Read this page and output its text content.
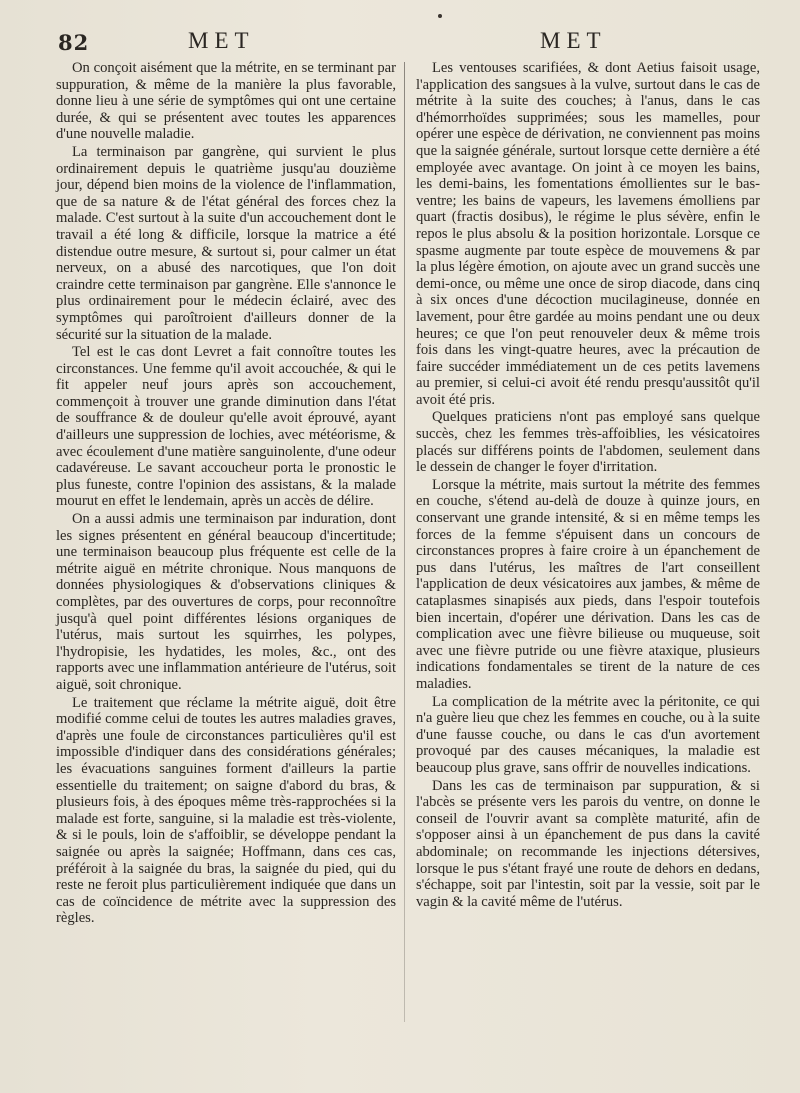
82	MET	MET

On conçoit aisément que la métrite, en se terminant par suppuration, & même de la manière la plus favorable, donne lieu à une série de symptômes qui ont une certaine durée, & qui se présentent avec toutes les apparences d'une nouvelle maladie.

La terminaison par gangrène, qui survient le plus ordinairement depuis le quatrième jusqu'au douzième jour, dépend bien moins de la violence de l'inflammation, que de sa nature & de l'état général des forces chez la malade. C'est surtout à la suite d'un accouchement dont le travail a été long & difficile, lorsque la matrice a été distendue outre mesure, & surtout si, pour calmer un état nerveux, on a abusé des narcotiques, que l'on doit craindre cette terminaison par gangrène. Elle s'annonce le plus ordinairement pour le médecin éclairé, avec des symptômes qui paroîtroient d'ailleurs donner de la sécurité sur la situation de la malade.

Tel est le cas dont Levret a fait connoître toutes les circonstances. Une femme qu'il avoit accouchée, & qui le fit appeler neuf jours après son accouchement, commençoit à trouver une grande diminution dans l'état de souffrance & de douleur qu'elle avoit éprouvé, ayant d'ailleurs une suppression de lochies, avec météorisme, & avec écoulement d'une matière sanguinolente, d'une odeur cadavéreuse. Le savant accoucheur porta le pronostic le plus funeste, contre l'opinion des assistans, & la malade mourut en effet le lendemain, après un accès de délire.

On a aussi admis une terminaison par induration, dont les signes présentent en général beaucoup d'incertitude; une terminaison beaucoup plus fréquente est celle de la métrite aiguë en métrite chronique. Nous manquons de données physiologiques & d'observations cliniques & complètes, par des ouvertures de corps, pour reconnoître jusqu'à quel point différentes lésions organiques de l'utérus, mais surtout les squirrhes, les polypes, l'hydropisie, les hydatides, les moles, &c., ont des rapports avec une inflammation antérieure de l'utérus, soit aiguë, soit chronique.

Le traitement que réclame la métrite aiguë, doit être modifié comme celui de toutes les autres maladies graves, d'après une foule de circonstances particulières qu'il est impossible d'indiquer dans des considérations générales; les évacuations sanguines forment d'ailleurs la partie essentielle du traitement; on saigne d'abord du bras, & plusieurs fois, à des époques même très-rapprochées si la malade est forte, sanguine, si la maladie est très-violente, & si le pouls, loin de s'affoiblir, se développe pendant la saignée ou après la saignée; Hoffmann, dans ces cas, préféroit à la saignée du bras, la saignée du pied, qui du reste ne feroit plus particulièrement indiquée que dans un cas de coïncidence de métrite avec la suppression des règles.

Les ventouses scarifiées, & dont Aetius faisoit usage, l'application des sangsues à la vulve, surtout dans le cas de métrite à la suite des couches; à l'anus, dans le cas d'hémorrhoïdes supprimées; sous les mamelles, pour opérer une espèce de dérivation, ne conviennent pas moins que la saignée générale, surtout lorsque cette dernière a été employée avec avantage. On joint à ce moyen les bains, les demi-bains, les fomentations émollientes sur le bas-ventre; les bains de vapeurs, les lavemens émolliens par quart (fractis dosibus), le régime le plus sévère, enfin le repos le plus absolu & la position horizontale. Lorsque ce spasme augmente par toute espèce de mouvemens & par la plus légère émotion, on ajoute avec un grand succès une demi-once, ou même une once de sirop diacode, dans cinq à six onces d'une décoction mucilagineuse, donnée en lavement, pour être gardée au moins pendant une ou deux heures; ce que l'on peut renouveler deux & même trois fois dans les vingt-quatre heures, avec la précaution de faire succéder immédiatement un de ces petits lavemens au premier, si celui-ci avoit été rendu presqu'aussitôt qu'il avoit été pris.

Quelques praticiens n'ont pas employé sans quelque succès, chez les femmes très-affoiblies, les vésicatoires placés sur différens points de l'abdomen, seulement dans le dessein de changer le foyer d'irritation.

Lorsque la métrite, mais surtout la métrite des femmes en couche, s'étend au-delà de douze à quinze jours, en conservant une grande intensité, & si en même temps les forces de la femme s'épuisent dans un concours de circonstances propres à faire croire à un épanchement de pus dans l'utérus, les maîtres de l'art conseillent l'application de deux vésicatoires aux jambes, & même de cataplasmes sinapisés aux pieds, dans l'espoir toutefois bien incertain, d'opérer une dérivation. Dans les cas de complication avec une fièvre bilieuse ou muqueuse, soit avec une fièvre putride ou une fièvre ataxique, plusieurs indications fondamentales se tirent de la nature de ces maladies.

La complication de la métrite avec la péritonite, ce qui n'a guère lieu que chez les femmes en couche, ou à la suite d'une fausse couche, ou dans le cas d'un avortement provoqué par des causes mécaniques, la maladie est beaucoup plus grave, sans offrir de nouvelles indications.

Dans les cas de terminaison par suppuration, & si l'abcès se présente vers les parois du ventre, on donne le conseil de l'ouvrir avant sa complète maturité, afin de s'opposer ainsi à un épanchement de pus dans la cavité abdominale; on recommande les injections détersives, lorsque le pus s'étant frayé une route de dehors en dedans, s'échappe, soit par l'intestin, soit par la vessie, soit par le vagin & la cavité même de l'utérus.
